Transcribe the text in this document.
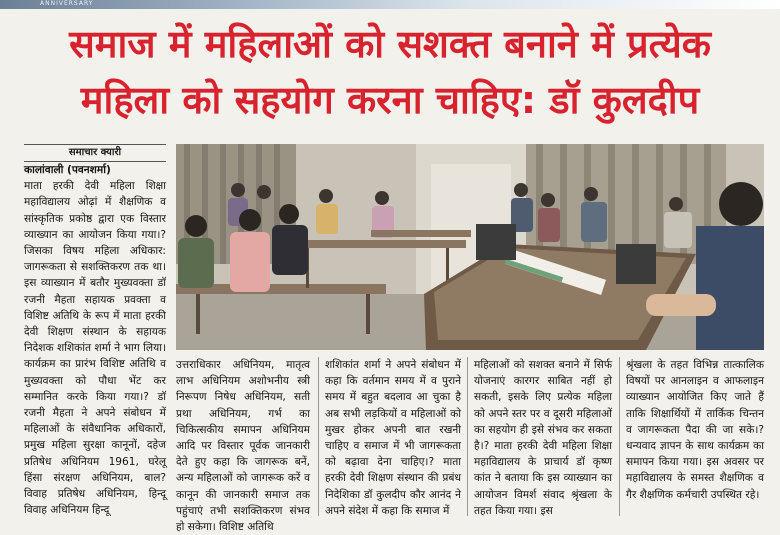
ANNIVERSARY
समाज में महिलाओं को सशक्त बनाने में प्रत्येक
महिला को सहयोग करना चाहिए: डॉ कुलदीप
समाचार क्यारी

कालांवाली (पवनशर्मा)

माता हरकी देवी महिला शिक्षा महाविद्यालय ओढ़ां में शैक्षणिक व सांस्कृतिक प्रकोष्ठ द्वारा एक विस्तार व्याख्यान का आयोजन किया गया।? जिसका विषय महिला अधिकार: जागरूकता से सशक्तिकरण तक था। इस व्याख्यान में बतौर मुख्यवक्ता डॉ रजनी मैहता सहायक प्रवक्ता व विशिष्ट अतिथि के रूप में माता हरकी देवी शिक्षण संस्थान के सहायक निदेशक शशिकांत शर्मा ने भाग लिया। कार्यक्रम का प्रारंभ विशिष्ट अतिथि व मुख्यवक्ता को पौधा भेंट कर सम्मानित करके किया गया।? डॉ रजनी मैहता ने अपने संबोधन में महिलाओं के संवैधानिक अधिकारों, प्रमुख महिला सुरक्षा कानूनों, दहेज प्रतिषेध अधिनियम 1961, घरेलू हिंसा संरक्षण अधिनियम, बाल? विवाह प्रतिषेध अधिनियम, हिन्दू विवाह अधिनियम हिन्दू

उत्तराधिकार अधिनियम, मातृत्व लाभ अधिनियम अशोभनीय स्त्री निरूपण निषेध अधिनियम, सती प्रथा अधिनियम, गर्भ का चिकित्सकीय समापन अधिनियम आदि पर विस्तार पूर्वक जानकारी देते हुए कहा कि जागरूक बनें, अन्य महिलाओं को जागरूक करें व कानून की जानकारी समाज तक पहुंचाएं तभी सशक्तिकरण संभव हो सकेगा। विशिष्ट अतिथि
शशिकांत शर्मा ने अपने संबोधन में कहा कि वर्तमान समय में व पुराने समय में बहुत बदलाव आ चुका है अब सभी लड़कियों व महिलाओं को मुखर होकर अपनी बात रखनी चाहिए व समाज में भी जागरूकता को बढ़ावा देना चाहिए।? माता हरकी देवी शिक्षण संस्थान की प्रबंध निदेशिका डॉ कुलदीप कौर आनंद ने अपने संदेश में कहा कि समाज में
महिलाओं को सशक्त बनाने में सिर्फ योजनाएं कारगर साबित नहीं हो सकती, इसके लिए प्रत्येक महिला को अपने स्तर पर व दूसरी महिलाओं का सहयोग ही इसे संभव कर सकता है।? माता हरकी देवी महिला शिक्षा महाविद्यालय के प्राचार्य डॉ कृष्ण कांत ने बताया कि इस व्याख्यान का आयोजन विमर्श संवाद श्रृंखला के तहत किया गया। इस
श्रृंखला के तहत विभिन्न तात्कालिक विषयों पर आनलाइन व आफलाइन व्याख्यान आयोजित किए जाते हैं ताकि शिक्षार्थियों में तार्किक चिन्तन व जागरूकता पैदा की जा सके।? धन्यवाद ज्ञापन के साथ कार्यक्रम का समापन किया गया। इस अवसर पर महाविद्यालय के समस्त शैक्षणिक व गैर शैक्षणिक कर्मचारी उपस्थित रहे।
